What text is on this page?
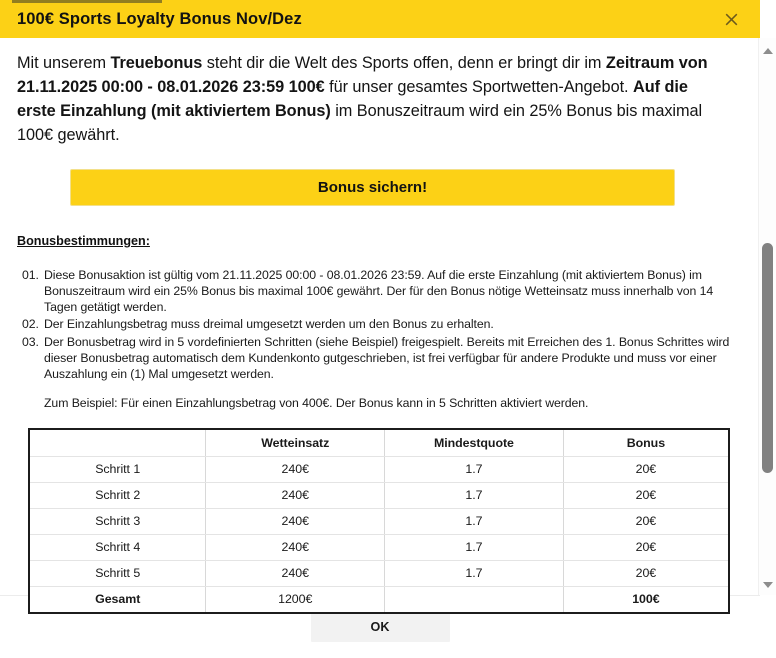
100€ Sports Loyalty Bonus Nov/Dez

Mit unserem Treuebonus steht dir die Welt des Sports offen, denn er bringt dir im Zeitraum von 21.11.2025 00:00 - 08.01.2026 23:59 100€ für unser gesamtes Sportwetten-Angebot. Auf die erste Einzahlung (mit aktiviertem Bonus) im Bonuszeitraum wird ein 25% Bonus bis maximal 100€ gewährt.

Bonus sichern!
Bonusbestimmungen:
01. Diese Bonusaktion ist gültig vom 21.11.2025 00:00 - 08.01.2026 23:59. Auf die erste Einzahlung (mit aktiviertem Bonus) im Bonuszeitraum wird ein 25% Bonus bis maximal 100€ gewährt. Der für den Bonus nötige Wetteinsatz muss innerhalb von 14 Tagen getätigt werden.
02. Der Einzahlungsbetrag muss dreimal umgesetzt werden um den Bonus zu erhalten.
03. Der Bonusbetrag wird in 5 vordefinierten Schritten (siehe Beispiel) freigespielt. Bereits mit Erreichen des 1. Bonus Schrittes wird dieser Bonusbetrag automatisch dem Kundenkonto gutgeschrieben, ist frei verfügbar für andere Produkte und muss vor einer Auszahlung ein (1) Mal umgesetzt werden.

Zum Beispiel: Für einen Einzahlungsbetrag von 400€. Der Bonus kann in 5 Schritten aktiviert werden.

	Wetteinsatz	Mindestquote	Bonus
Schritt 1	240€	1.7	20€
Schritt 2	240€	1.7	20€
Schritt 3	240€	1.7	20€
Schritt 4	240€	1.7	20€
Schritt 5	240€	1.7	20€
Gesamt	1200€		100€
OK
